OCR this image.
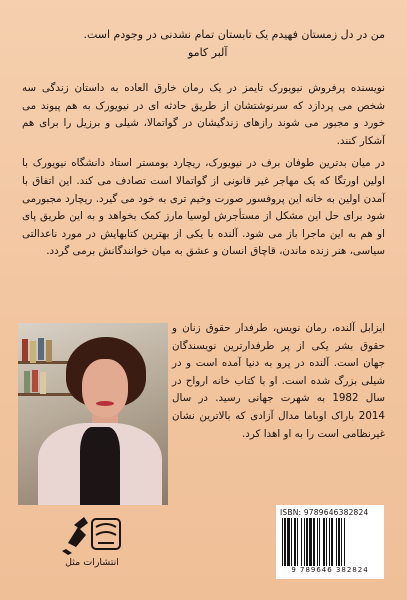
من در دل زمستان فهیدم یک تابستان تمام نشدنی در وجودم است.
آلبر کامو

نویسنده پرفروش نیویورک تایمز در یک رمان خارق العاده به داستان زندگی سه شخص می پردازد که سرنوشتشان از طریق حادثه ای در نیویورک به هم پیوند می خورد و مجبور می شوند رازهای زندگیشان در گواتمالا، شیلی و برزیل را برای هم آشکار کنند.

در میان بدترین طوفان برف در نیویورک، ریچارد بومستر استاد دانشگاه نیویورک با اولین اورتگا که یک مهاجر غیر قانونی از گواتمالا است تصادف می کند. این اتفاق با آمدن اولین به خانه این پروفسور صورت وخیم تری به خود می گیرد. ریچارد مجبورمی شود برای حل این مشکل از مستأجرش لوسیا مارز کمک بخواهد و به این طریق پای او هم به این ماجرا باز می شود. آلنده با یکی از بهترین کتابهایش در مورد ناعدالتی سیاسی، هنر زنده ماندن، قاچاق انسان و عشق به میان خوانندگانش برمی گردد.

ایزابل آلنده، رمان نویس، طرفدار حقوق زنان و حقوق بشر یکی از پر طرفدارترین نویسندگان جهان است. آلنده در پرو به دنیا آمده است و در شیلی بزرگ شده است. او با کتاب خانه ارواح در سال 1982 به شهرت جهانی رسید. در سال 2014 باراک اوباما مدال آزادی که بالاترین نشان غیرنظامی است را به او اهدا کرد.
انتشارات مثل
ISBN: 9789646382824
9 789646 382824
